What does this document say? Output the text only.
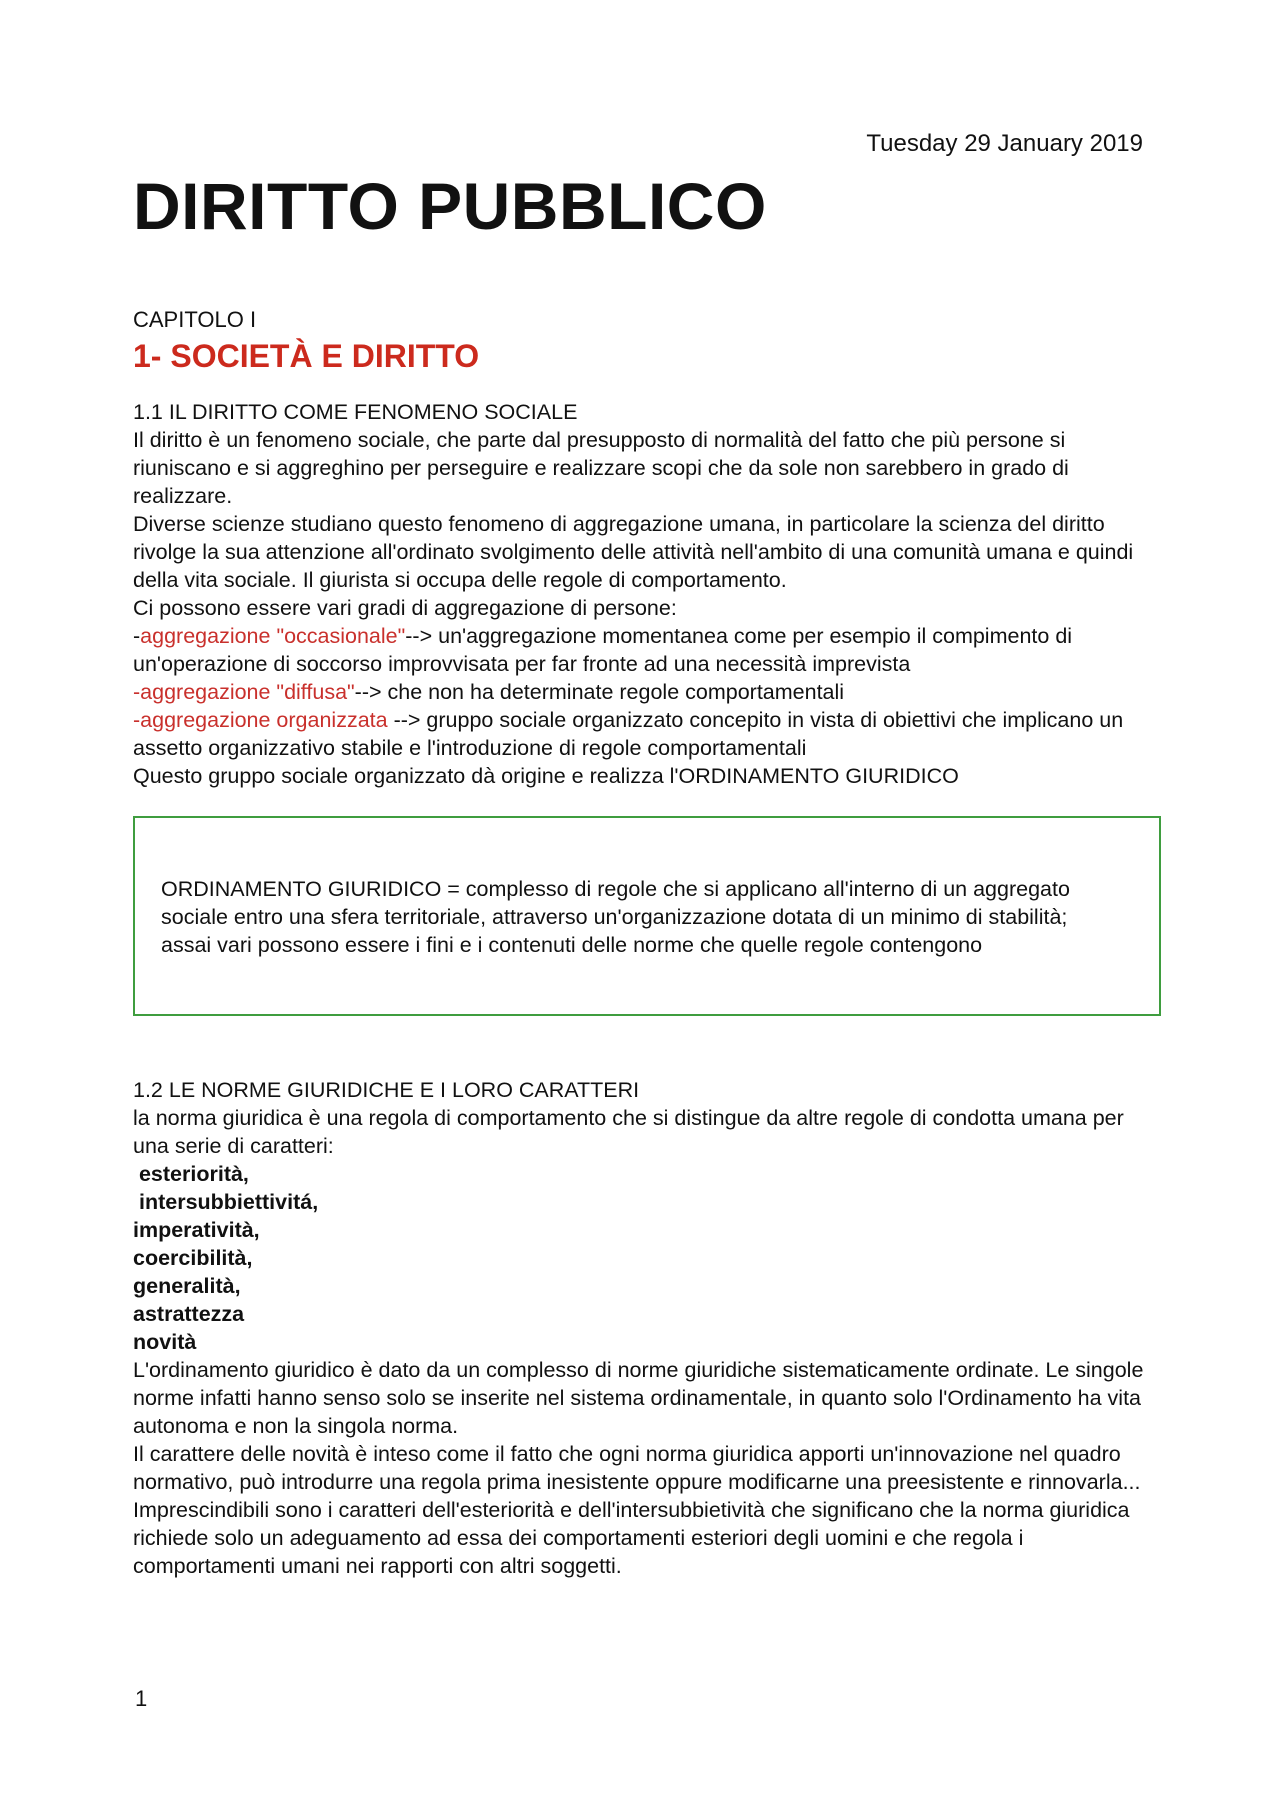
Tuesday 29 January 2019
DIRITTO PUBBLICO
CAPITOLO I
1- SOCIETÀ E DIRITTO
1.1 IL DIRITTO COME FENOMENO SOCIALE
Il diritto è un fenomeno sociale, che parte dal presupposto di normalità del fatto che più persone si riuniscano e si aggreghino per perseguire e realizzare scopi che da sole non sarebbero in grado di realizzare.
Diverse scienze studiano questo fenomeno di aggregazione umana, in particolare la scienza del diritto rivolge la sua attenzione all'ordinato svolgimento delle attività nell'ambito di una comunità umana e quindi della vita sociale. Il giurista si occupa delle regole di comportamento.
Ci possono essere vari gradi di aggregazione di persone:
-aggregazione "occasionale"--> un'aggregazione momentanea come per esempio il compimento di un'operazione di soccorso improvvisata per far fronte ad una necessità imprevista
-aggregazione "diffusa"--> che non ha determinate regole comportamentali
-aggregazione organizzata --> gruppo sociale organizzato concepito in vista di obiettivi che implicano un assetto organizzativo stabile e l'introduzione di regole comportamentali
Questo gruppo sociale organizzato dà origine e realizza l'ORDINAMENTO GIURIDICO
ORDINAMENTO GIURIDICO = complesso di regole che si applicano all'interno di un aggregato sociale entro una sfera territoriale, attraverso un'organizzazione dotata di un minimo di stabilità; assai vari possono essere i fini e i contenuti delle norme che quelle regole contengono
1.2 LE NORME GIURIDICHE E I LORO CARATTERI
la norma giuridica è una regola di comportamento che si distingue da altre regole di condotta umana per una serie di caratteri:
esteriorità,
intersubbiettivitá,
imperatività,
coercibilità,
generalità,
astrattezza
novità
L'ordinamento giuridico è dato da un complesso di norme giuridiche sistematicamente ordinate. Le singole norme infatti hanno senso solo se inserite nel sistema ordinamentale, in quanto solo l'Ordinamento ha vita autonoma e non la singola norma.
Il carattere delle novità è inteso come il fatto che ogni norma giuridica apporti un'innovazione nel quadro normativo, può introdurre una regola prima inesistente oppure modificarne una preesistente e rinnovarla...
Imprescindibili sono i caratteri dell'esteriorità e dell'intersubbietività che significano che la norma giuridica richiede solo un adeguamento ad essa dei comportamenti esteriori degli uomini e che regola i comportamenti umani nei rapporti con altri soggetti.
1
